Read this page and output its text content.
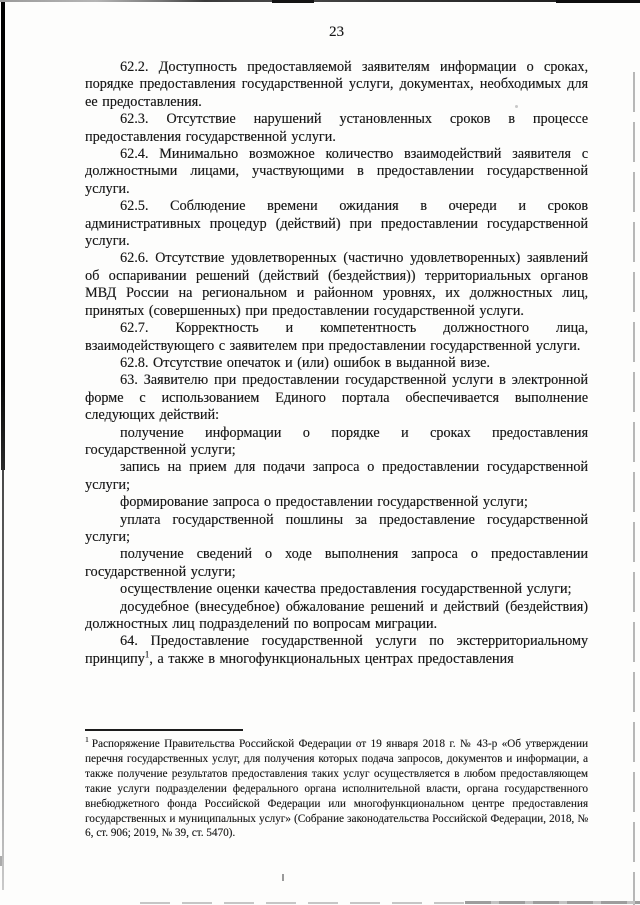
23

62.2. Доступность предоставляемой заявителям информации о сроках, порядке предоставления государственной услуги, документах, необходимых для ее предоставления.

62.3. Отсутствие нарушений установленных сроков в процессе предоставления государственной услуги.

62.4. Минимально возможное количество взаимодействий заявителя с должностными лицами, участвующими в предоставлении государственной услуги.

62.5. Соблюдение времени ожидания в очереди и сроков административных процедур (действий) при предоставлении государственной услуги.

62.6. Отсутствие удовлетворенных (частично удовлетворенных) заявлений об оспаривании решений (действий (бездействия)) территориальных органов МВД России на региональном и районном уровнях, их должностных лиц, принятых (совершенных) при предоставлении государственной услуги.

62.7. Корректность и компетентность должностного лица, взаимодействующего с заявителем при предоставлении государственной услуги.

62.8. Отсутствие опечаток и (или) ошибок в выданной визе.

63. Заявителю при предоставлении государственной услуги в электронной форме с использованием Единого портала обеспечивается выполнение следующих действий:

получение информации о порядке и сроках предоставления государственной услуги;

запись на прием для подачи запроса о предоставлении государственной услуги;

формирование запроса о предоставлении государственной услуги;

уплата государственной пошлины за предоставление государственной услуги;

получение сведений о ходе выполнения запроса о предоставлении государственной услуги;

осуществление оценки качества предоставления государственной услуги;

досудебное (внесудебное) обжалование решений и действий (бездействия) должностных лиц подразделений по вопросам миграции.

64. Предоставление государственной услуги по экстерриториальному принципу$^1$, а также в многофункциональных центрах предоставления

$^1$ Распоряжение Правительства Российской Федерации от 19 января 2018 г. № 43-р «Об утверждении перечня государственных услуг, для получения которых подача запросов, документов и информации, а также получение результатов предоставления таких услуг осуществляется в любом предоставляющем такие услуги подразделении федерального органа исполнительной власти, органа государственного внебюджетного фонда Российской Федерации или многофункциональном центре предоставления государственных и муниципальных услуг» (Собрание законодательства Российской Федерации, 2018, № 6, ст. 906; 2019, № 39, ст. 5470).
